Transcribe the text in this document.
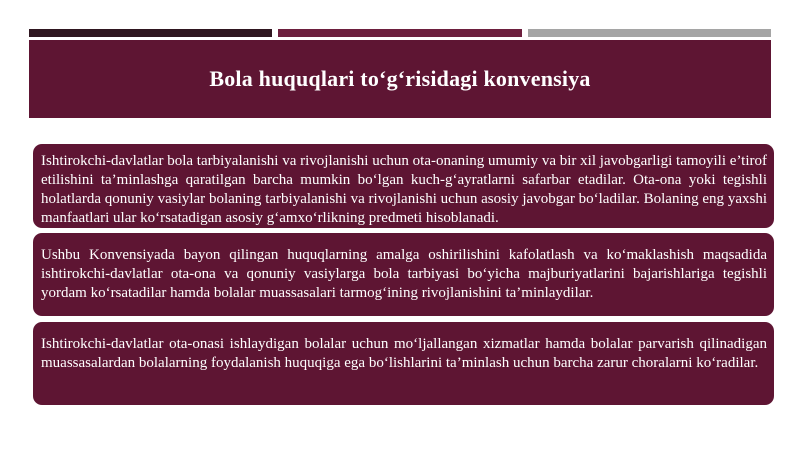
Bola huquqlari to‘g‘risidagi konvensiya
Ishtirokchi-davlatlar bola tarbiyalanishi va rivojlanishi uchun ota-onaning umumiy va bir xil javobgarligi tamoyili e’tirof etilishini ta’minlashga qaratilgan barcha mumkin bo‘lgan kuch-g‘ayratlarni safarbar etadilar. Ota-ona yoki tegishli holatlarda qonuniy vasiylar bolaning tarbiyalanishi va rivojlanishi uchun asosiy javobgar bo‘ladilar. Bolaning eng yaxshi manfaatlari ular ko‘rsatadigan asosiy g‘amxo‘rlikning predmeti hisoblanadi.
Ushbu Konvensiyada bayon qilingan huquqlarning amalga oshirilishini kafolatlash va ko‘maklashish maqsadida ishtirokchi-davlatlar ota-ona va qonuniy vasiylarga bola tarbiyasi bo‘yicha majburiyatlarini bajarishlariga tegishli yordam ko‘rsatadilar hamda bolalar muassasalari tarmog‘ining rivojlanishini ta’minlaydilar.
Ishtirokchi-davlatlar ota-onasi ishlaydigan bolalar uchun mo‘ljallangan xizmatlar hamda bolalar parvarish qilinadigan muassasalardan bolalarning foydalanish huquqiga ega bo‘lishlarini ta’minlash uchun barcha zarur choralarni ko‘radilar.
